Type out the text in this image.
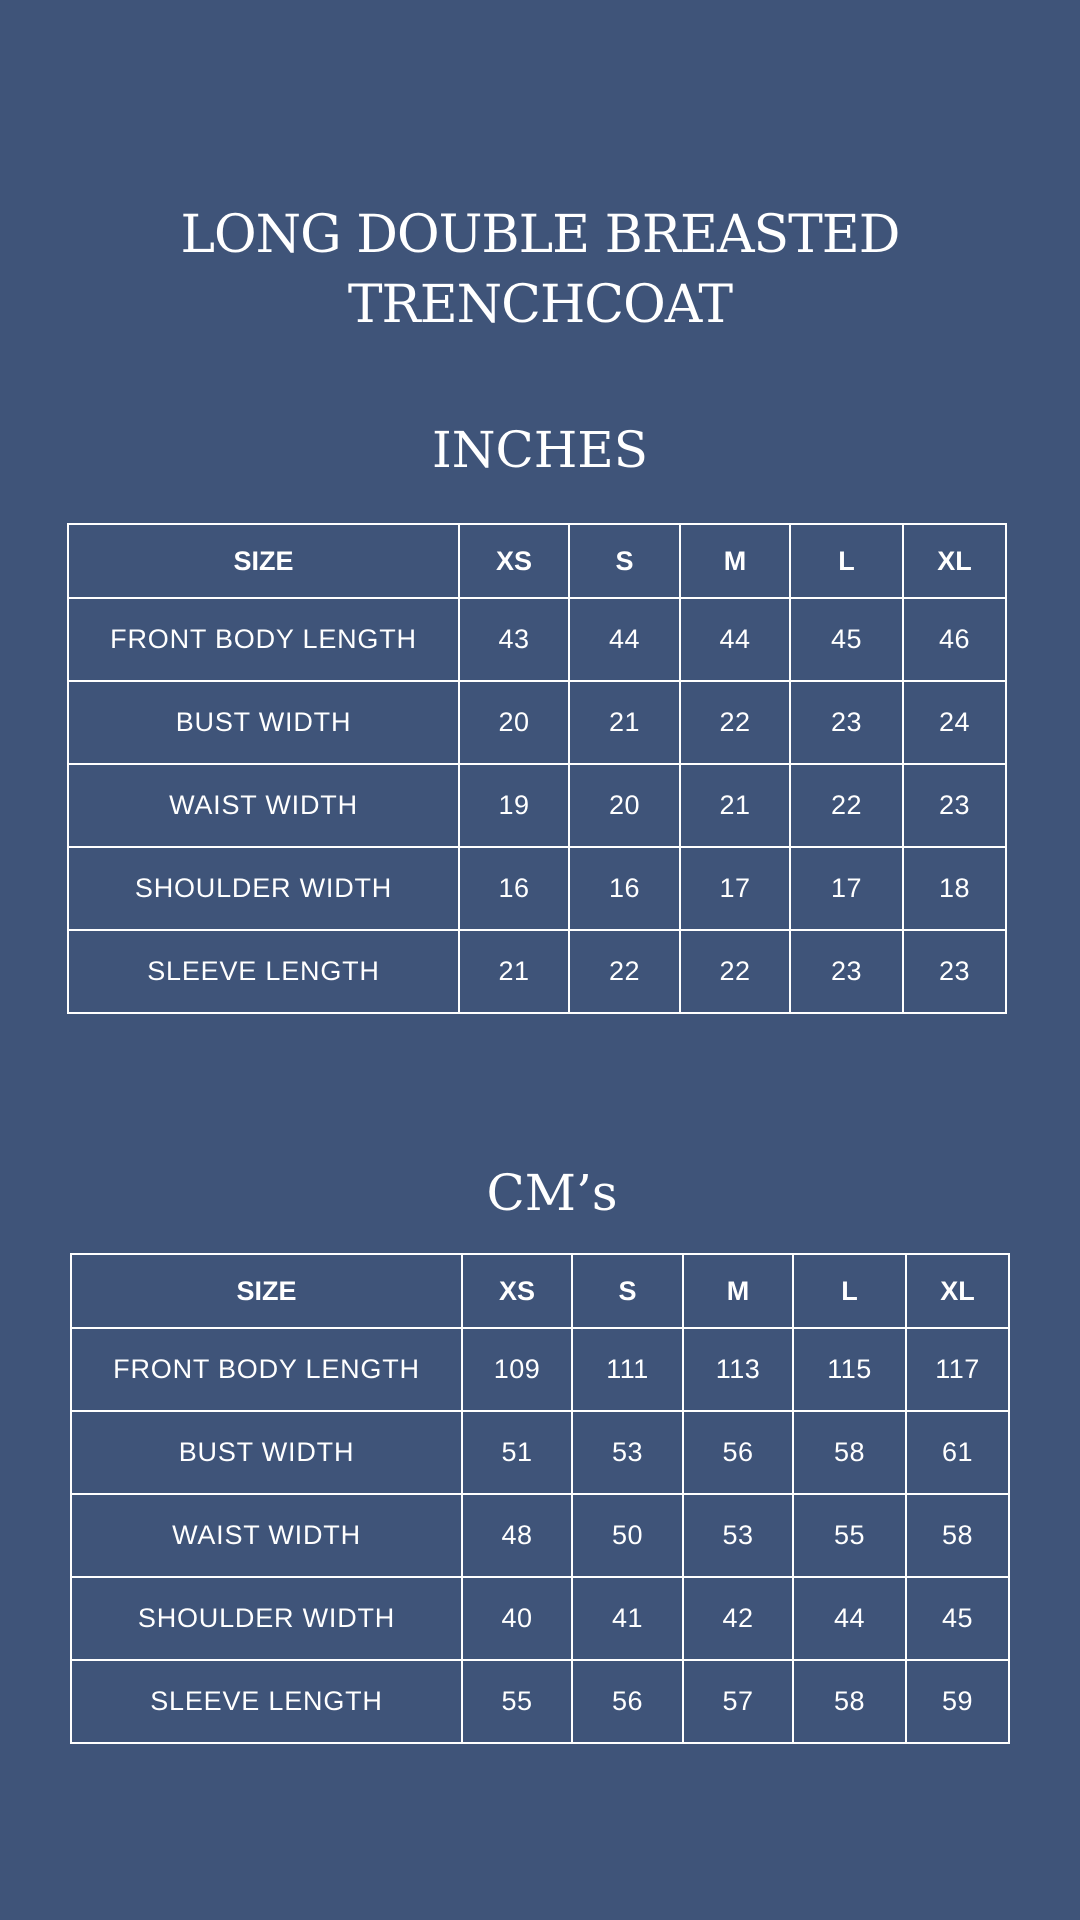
LONG DOUBLE BREASTED
TRENCHCOAT
INCHES
SIZE	XS	S	M	L	XL
FRONT BODY LENGTH	43	44	44	45	46
BUST WIDTH	20	21	22	23	24
WAIST WIDTH	19	20	21	22	23
SHOULDER WIDTH	16	16	17	17	18
SLEEVE LENGTH	21	22	22	23	23
CM’s
SIZE	XS	S	M	L	XL
FRONT BODY LENGTH	109	111	113	115	117
BUST WIDTH	51	53	56	58	61
WAIST WIDTH	48	50	53	55	58
SHOULDER WIDTH	40	41	42	44	45
SLEEVE LENGTH	55	56	57	58	59
